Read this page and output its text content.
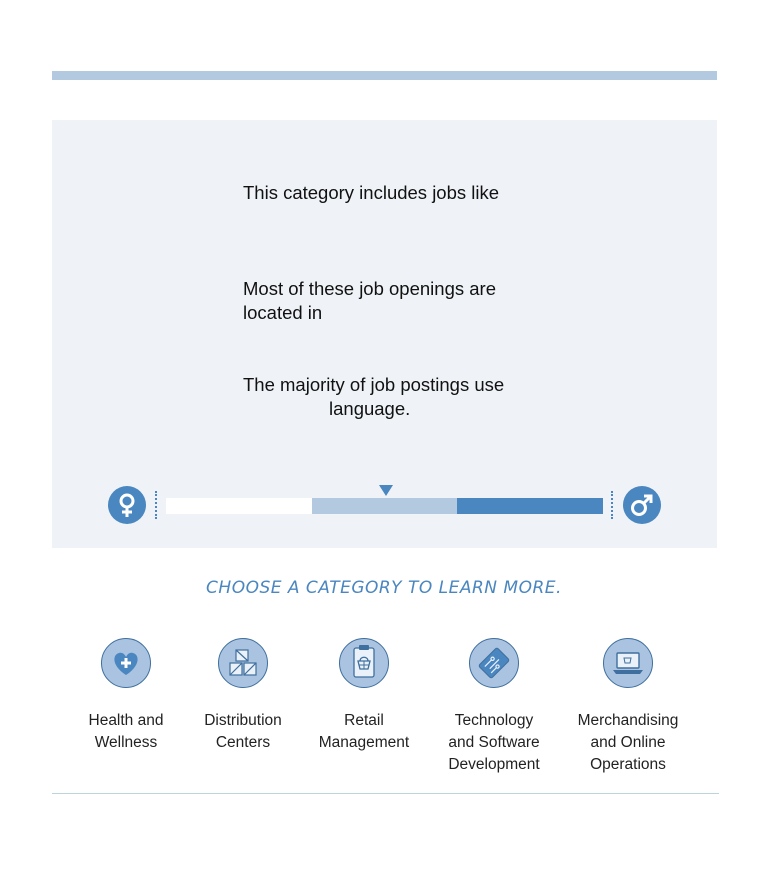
This category includes jobs like
Most of these job openings are located in
The majority of job postings uselanguage.
CHOOSE A CATEGORY TO LEARN MORE.
Health and
Wellness
Distribution
Centers
Retail
Management
Technology
and Software
Development
Merchandising
and Online
Operations
